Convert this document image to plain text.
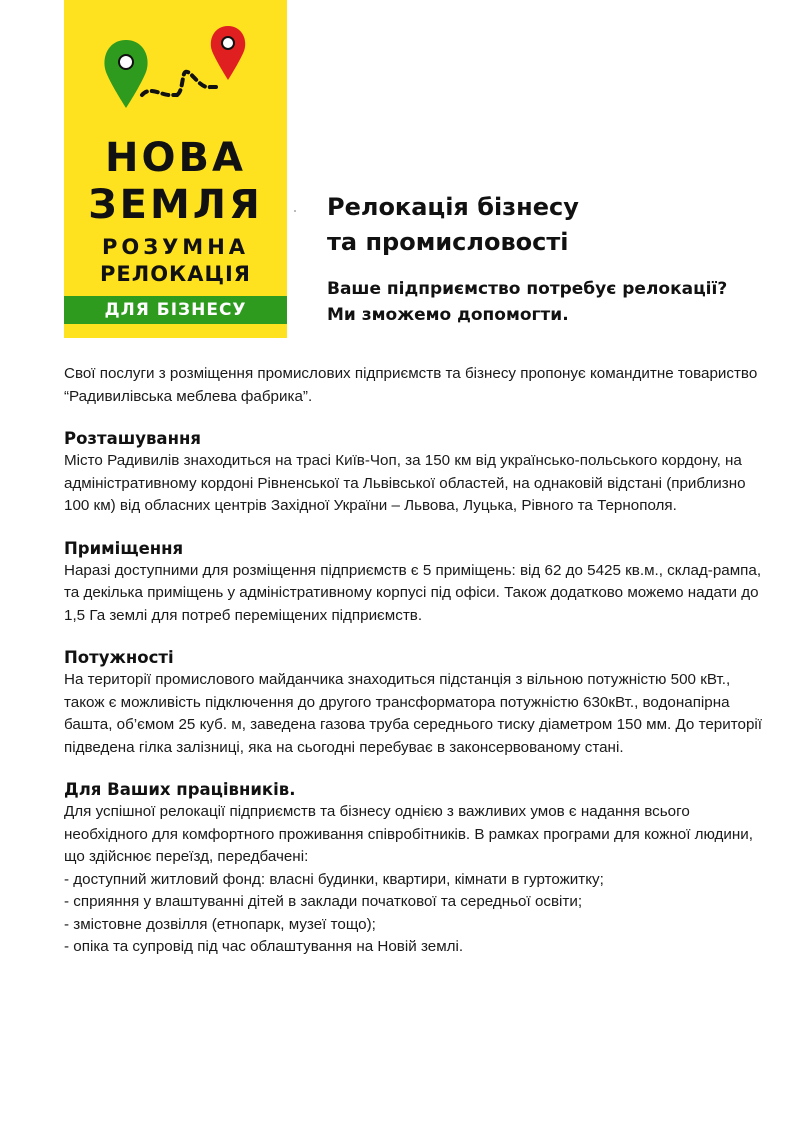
НОВА
ЗЕМЛЯ
РОЗУМНА
РЕЛОКАЦІЯ
ДЛЯ БІЗНЕСУ
Релокація бізнесу
та промисловості
Ваше підприємство потребує релокації?
Ми зможемо допомогти.

Свої послуги з розміщення промислових підприємств та бізнесу пропонує командитне товариство “Радивилівська меблева фабрика”.

Розташування

Місто Радивилів знаходиться на трасі Київ-Чоп, за 150 км від українсько-польського кордону, на адміністративному кордоні Рівненської та Львівської областей, на однаковій відстані (приблизно 100 км) від обласних центрів Західної України – Львова, Луцька, Рівного та Тернополя.

Приміщення

Наразі доступними для розміщення підприємств є 5 приміщень: від 62 до 5425 кв.м., склад-рампа, та декілька приміщень у адміністративному корпусі під офіси. Також додатково можемо надати до 1,5 Га землі для потреб переміщених підприємств.

Потужності

На території промислового майданчика знаходиться підстанція з вільною потужністю 500 кВт., також є можливість підключення до другого трансформатора потужністю 630кВт., водонапірна башта, об’ємом 25 куб. м, заведена газова труба середнього тиску діаметром 150 мм. До території підведена гілка залізниці, яка на сьогодні перебуває в законсервованому стані.

Для Ваших працівників.

Для успішної релокації підприємств та бізнесу однією з важливих умов є надання всього необхідного для комфортного проживання співробітників. В рамках програми для кожної людини, що здійснює переїзд, передбачені:

- доступний житловий фонд: власні будинки, квартири, кімнати в гуртожитку;
- сприяння у влаштуванні дітей в заклади початкової та середньої освіти;
- змістовне дозвілля (етнопарк, музеї тощо);
- опіка та супровід під час облаштування на Новій землі.
